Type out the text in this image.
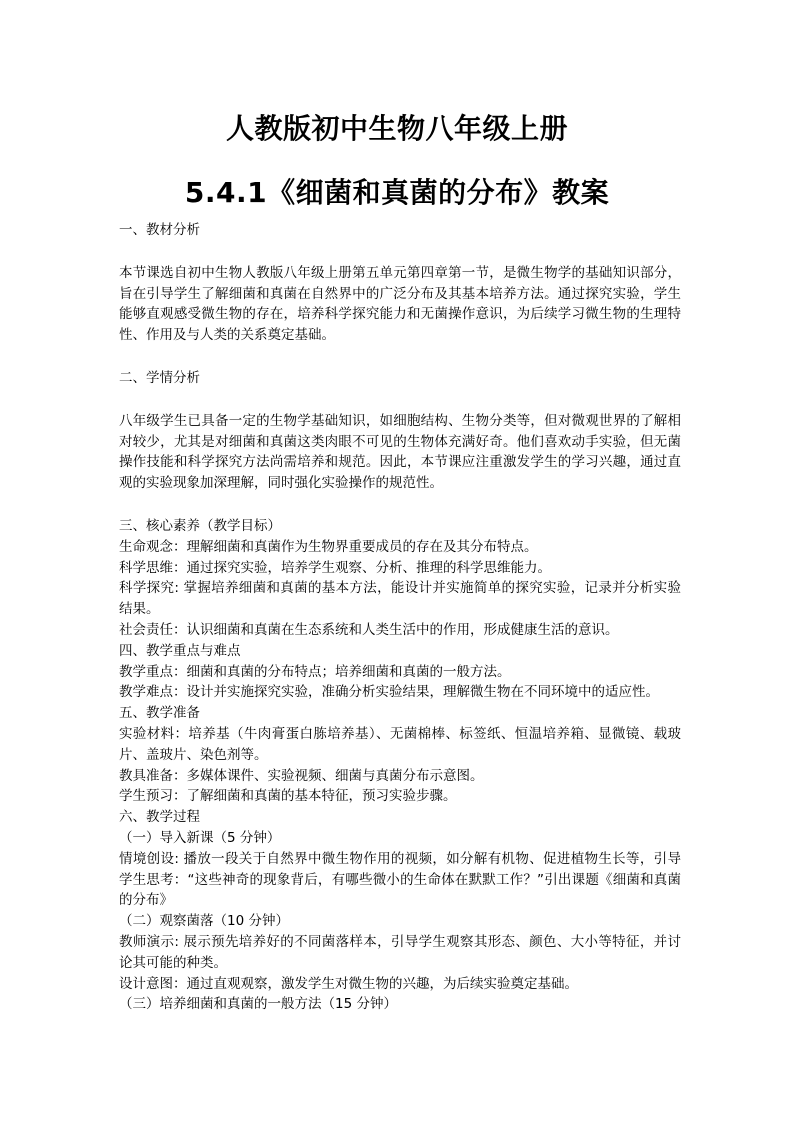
人教版初中生物八年级上册
5.4.1《细菌和真菌的分布》教案

一、教材分析

本节课选自初中生物人教版八年级上册第五单元第四章第一节，是微生物学的基础知识部分，旨在引导学生了解细菌和真菌在自然界中的广泛分布及其基本培养方法。通过探究实验，学生能够直观感受微生物的存在，培养科学探究能力和无菌操作意识，为后续学习微生物的生理特性、作用及与人类的关系奠定基础。

二、学情分析

八年级学生已具备一定的生物学基础知识，如细胞结构、生物分类等，但对微观世界的了解相对较少，尤其是对细菌和真菌这类肉眼不可见的生物体充满好奇。他们喜欢动手实验，但无菌操作技能和科学探究方法尚需培养和规范。因此，本节课应注重激发学生的学习兴趣，通过直观的实验现象加深理解，同时强化实验操作的规范性。

三、核心素养（教学目标）

生命观念：理解细菌和真菌作为生物界重要成员的存在及其分布特点。

科学思维：通过探究实验，培养学生观察、分析、推理的科学思维能力。

科学探究: 掌握培养细菌和真菌的基本方法，能设计并实施简单的探究实验，记录并分析实验结果。

社会责任：认识细菌和真菌在生态系统和人类生活中的作用，形成健康生活的意识。

四、教学重点与难点

教学重点：细菌和真菌的分布特点；培养细菌和真菌的一般方法。

教学难点：设计并实施探究实验，准确分析实验结果，理解微生物在不同环境中的适应性。

五、教学准备

实验材料：培养基（牛肉膏蛋白胨培养基）、无菌棉棒、标签纸、恒温培养箱、显微镜、载玻片、盖玻片、染色剂等。

教具准备：多媒体课件、实验视频、细菌与真菌分布示意图。

学生预习：了解细菌和真菌的基本特征，预习实验步骤。

六、教学过程

（一）导入新课（5 分钟）

情境创设: 播放一段关于自然界中微生物作用的视频，如分解有机物、促进植物生长等，引导学生思考：“这些神奇的现象背后，有哪些微小的生命体在默默工作？”引出课题《细菌和真菌的分布》

（二）观察菌落（10 分钟）

教师演示: 展示预先培养好的不同菌落样本，引导学生观察其形态、颜色、大小等特征，并讨论其可能的种类。

设计意图：通过直观观察，激发学生对微生物的兴趣，为后续实验奠定基础。

（三）培养细菌和真菌的一般方法（15 分钟）
